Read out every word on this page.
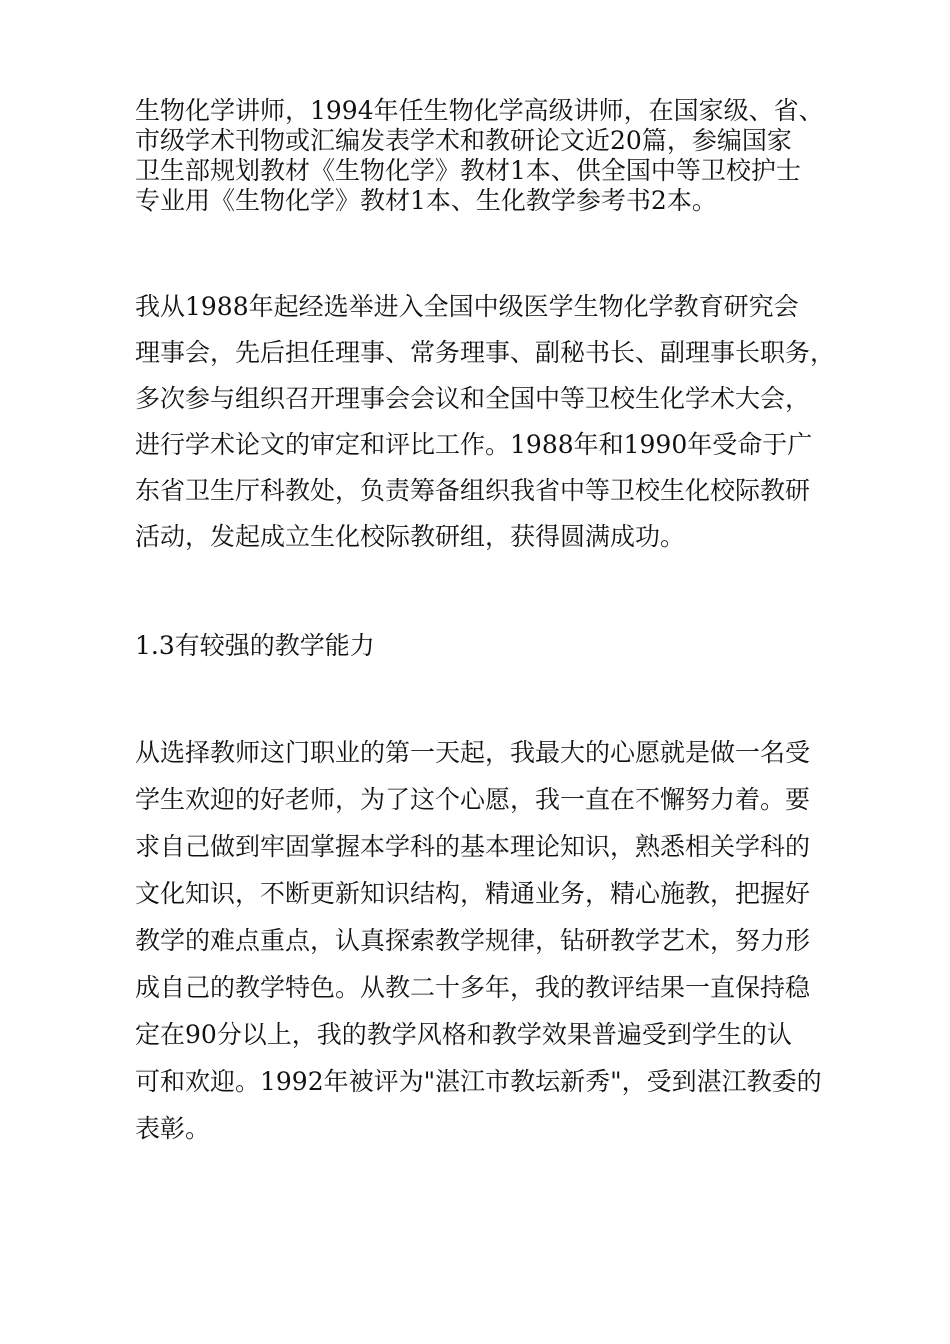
生物化学讲师，1994年任生物化学高级讲师，在国家级、省、
市级学术刊物或汇编发表学术和教研论文近20篇，参编国家
卫生部规划教材《生物化学》教材1本、供全国中等卫校护士
专业用《生物化学》教材1本、生化教学参考书2本。

我从1988年起经选举进入全国中级医学生物化学教育研究会
理事会，先后担任理事、常务理事、副秘书长、副理事长职务，
多次参与组织召开理事会会议和全国中等卫校生化学术大会，
进行学术论文的审定和评比工作。1988年和1990年受命于广
东省卫生厅科教处，负责筹备组织我省中等卫校生化校际教研
活动，发起成立生化校际教研组，获得圆满成功。

1.3有较强的教学能力

从选择教师这门职业的第一天起，我最大的心愿就是做一名受
学生欢迎的好老师，为了这个心愿，我一直在不懈努力着。要
求自己做到牢固掌握本学科的基本理论知识，熟悉相关学科的
文化知识，不断更新知识结构，精通业务，精心施教，把握好
教学的难点重点，认真探索教学规律，钻研教学艺术，努力形
成自己的教学特色。从教二十多年，我的教评结果一直保持稳
定在90分以上，我的教学风格和教学效果普遍受到学生的认
可和欢迎。1992年被评为"湛江市教坛新秀"，受到湛江教委的
表彰。
